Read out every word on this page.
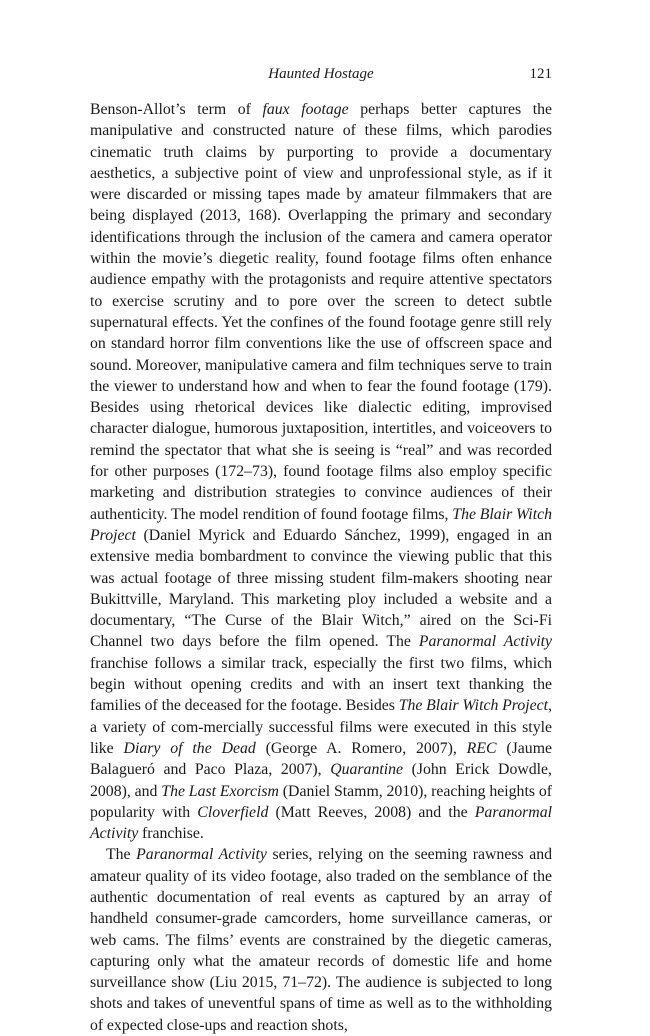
Haunted Hostage	121

Benson-Allot’s term of faux footage perhaps better captures the manipulative and constructed nature of these films, which parodies cinematic truth claims by purporting to provide a documentary aesthetics, a subjective point of view and unprofessional style, as if it were discarded or missing tapes made by amateur filmmakers that are being displayed (2013, 168). Overlapping the primary and secondary identifications through the inclusion of the camera and camera operator within the movie’s diegetic reality, found footage films often enhance audience empathy with the protagonists and require attentive spectators to exercise scrutiny and to pore over the screen to detect subtle supernatural effects. Yet the confines of the found footage genre still rely on standard horror film conventions like the use of offscreen space and sound. Moreover, manipulative camera and film techniques serve to train the viewer to understand how and when to fear the found footage (179). Besides using rhetorical devices like dialectic editing, improvised character dialogue, humorous juxtaposition, intertitles, and voiceovers to remind the spectator that what she is seeing is “real” and was recorded for other purposes (172–73), found footage films also employ specific marketing and distribution strategies to convince audiences of their authenticity. The model rendition of found footage films, The Blair Witch Project (Daniel Myrick and Eduardo Sánchez, 1999), engaged in an extensive media bombardment to convince the viewing public that this was actual footage of three missing student film-makers shooting near Bukittville, Maryland. This marketing ploy included a website and a documentary, “The Curse of the Blair Witch,” aired on the Sci-Fi Channel two days before the film opened. The Paranormal Activity franchise follows a similar track, especially the first two films, which begin without opening credits and with an insert text thanking the families of the deceased for the footage. Besides The Blair Witch Project, a variety of com-mercially successful films were executed in this style like Diary of the Dead (George A. Romero, 2007), REC (Jaume Balagueró and Paco Plaza, 2007), Quarantine (John Erick Dowdle, 2008), and The Last Exorcism (Daniel Stamm, 2010), reaching heights of popularity with Cloverfield (Matt Reeves, 2008) and the Paranormal Activity franchise.

The Paranormal Activity series, relying on the seeming rawness and amateur quality of its video footage, also traded on the semblance of the authentic documentation of real events as captured by an array of handheld consumer-grade camcorders, home surveillance cameras, or web cams. The films’ events are constrained by the diegetic cameras, capturing only what the amateur records of domestic life and home surveillance show (Liu 2015, 71–72). The audience is subjected to long shots and takes of uneventful spans of time as well as to the withholding of expected close-ups and reaction shots,
